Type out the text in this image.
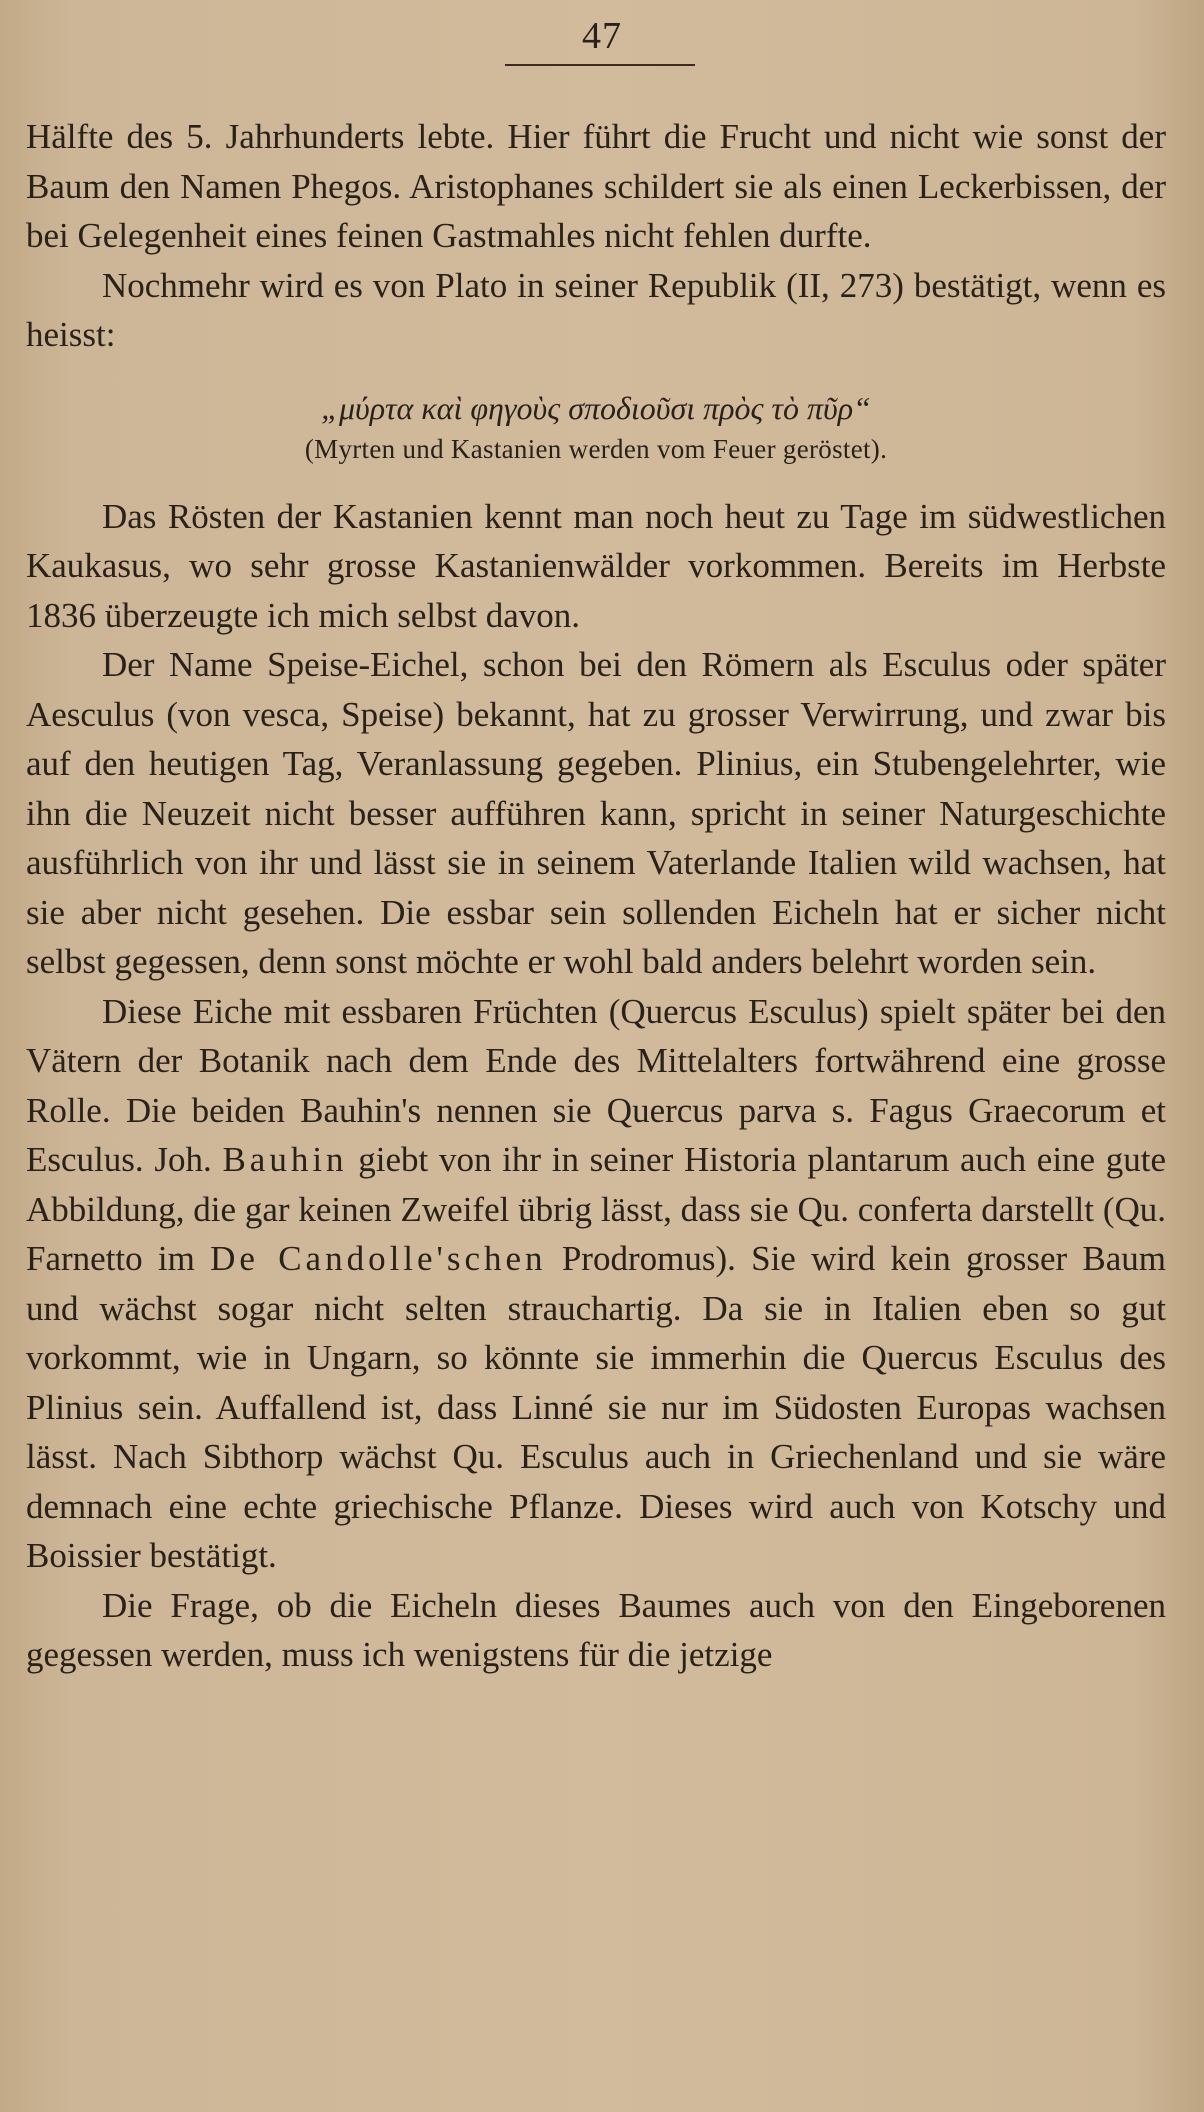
47

Hälfte des 5. Jahrhunderts lebte. Hier führt die Frucht und nicht wie sonst der Baum den Namen Phegos. Aristophanes schildert sie als einen Leckerbissen, der bei Gelegenheit eines feinen Gastmahles nicht fehlen durfte.

Nochmehr wird es von Plato in seiner Republik (II, 273) bestätigt, wenn es heisst:

„μύρτα καὶ φηγοὺς σποδιοῦσι πρὸς τὸ πῦρ“

(Myrten und Kastanien werden vom Feuer geröstet).

Das Rösten der Kastanien kennt man noch heut zu Tage im südwestlichen Kaukasus, wo sehr grosse Kastanienwälder vorkommen. Bereits im Herbste 1836 überzeugte ich mich selbst davon.

Der Name Speise-Eichel, schon bei den Römern als Esculus oder später Aesculus (von vesca, Speise) bekannt, hat zu grosser Verwirrung, und zwar bis auf den heutigen Tag, Veranlassung gegeben. Plinius, ein Stubengelehrter, wie ihn die Neuzeit nicht besser aufführen kann, spricht in seiner Naturgeschichte ausführlich von ihr und lässt sie in seinem Vaterlande Italien wild wachsen, hat sie aber nicht gesehen. Die essbar sein sollenden Eicheln hat er sicher nicht selbst gegessen, denn sonst möchte er wohl bald anders belehrt worden sein.

Diese Eiche mit essbaren Früchten (Quercus Esculus) spielt später bei den Vätern der Botanik nach dem Ende des Mittelalters fortwährend eine grosse Rolle. Die beiden Bauhin's nennen sie Quercus parva s. Fagus Graecorum et Esculus. Joh. Bauhin giebt von ihr in seiner Historia plantarum auch eine gute Abbildung, die gar keinen Zweifel übrig lässt, dass sie Qu. conferta darstellt (Qu. Farnetto im De Candolle'schen Prodromus). Sie wird kein grosser Baum und wächst sogar nicht selten strauchartig. Da sie in Italien eben so gut vorkommt, wie in Ungarn, so könnte sie immerhin die Quercus Esculus des Plinius sein. Auffallend ist, dass Linné sie nur im Südosten Europas wachsen lässt. Nach Sibthorp wächst Qu. Esculus auch in Griechenland und sie wäre demnach eine echte griechische Pflanze. Dieses wird auch von Kotschy und Boissier bestätigt.

Die Frage, ob die Eicheln dieses Baumes auch von den Eingeborenen gegessen werden, muss ich wenigstens für die jetzige
